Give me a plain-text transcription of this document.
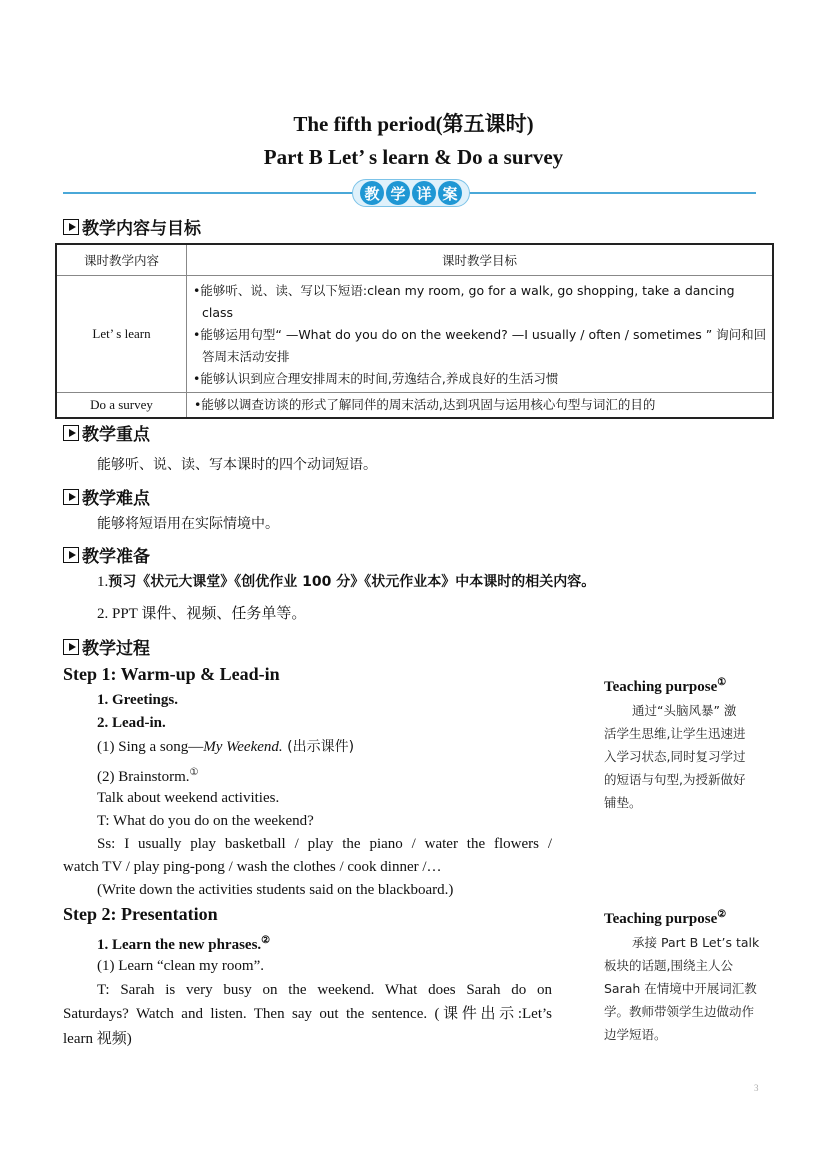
The fifth period(第五课时)
Part B Let’ s learn & Do a survey
教 学 详 案
教学内容与目标
课时教学内容	课时教学目标
Let’ s learn	•能够听、说、读、写以下短语:clean my room, go for a walk, go shopping, take a dancing
class
•能够运用句型“ —What do you do on the weekend? —I usually / often / sometimes ” 询问和回
答周末活动安排
•能够认识到应合理安排周末的时间,劳逸结合,养成良好的生活习惯

Do a survey	•能够以调查访谈的形式了解同伴的周末活动,达到巩固与运用核心句型与词汇的目的
教学重点
能够听、说、读、写本课时的四个动词短语。
教学难点
能够将短语用在实际情境中。
教学准备
1.预习《状元大课堂》《创优作业 100 分》《状元作业本》中本课时的相关内容。
2. PPT 课件、视频、任务单等。
教学过程
Step 1: Warm-up & Lead-in
1. Greetings.
2. Lead-in.
(1) Sing a song—My Weekend. (出示课件)
(2) Brainstorm.①
Talk about weekend activities.
T: What do you do on the weekend?
Ss: I usually play basketball / play the piano / water the flowers /
watch TV / play ping-pong / wash the clothes / cook dinner /…
(Write down the activities students said on the blackboard.)
Step 2: Presentation
1. Learn the new phrases.②
(1) Learn “clean my room”.
T: Sarah is very busy on the weekend. What does Sarah do on
Saturdays? Watch and listen. Then say out the sentence. (课件出示:Let’s
learn 视频)
Teaching purpose①
通过“头脑风暴” 激
活学生思维,让学生迅速进
入学习状态,同时复习学过
的短语与句型,为授新做好
铺垫。
Teaching purpose②
承接 Part B Let’s talk
板块的话题,围绕主人公
Sarah 在情境中开展词汇教
学。教师带领学生边做动作
边学短语。
3
